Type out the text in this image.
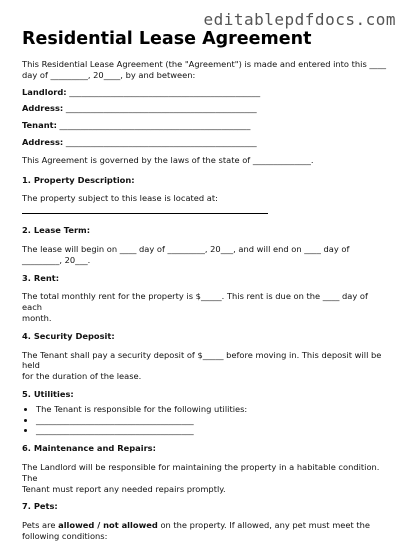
editablepdfdocs.com
Residential Lease Agreement

This Residential Lease Agreement (the "Agreement") is made and entered into this ____

day of _________, 20____, by and between:

Landlord: ______________________________________________

Address: ______________________________________________

Tenant: ______________________________________________

Address: ______________________________________________

This Agreement is governed by the laws of the state of ______________.

1. Property Description:

The property subject to this lease is located at:

2. Lease Term:

The lease will begin on ____ day of _________, 20___, and will end on ____ day of

_________, 20___.

3. Rent:

The total monthly rent for the property is $_____. This rent is due on the ____ day of each

month.

4. Security Deposit:

The Tenant shall pay a security deposit of $_____ before moving in. This deposit will be held

for the duration of the lease.

5. Utilities:

• The Tenant is responsible for the following utilities:
• ______________________________________
• ______________________________________

6. Maintenance and Repairs:

The Landlord will be responsible for maintaining the property in a habitable condition. The

Tenant must report any needed repairs promptly.

7. Pets:

Pets are allowed / not allowed on the property. If allowed, any pet must meet the

following conditions:
